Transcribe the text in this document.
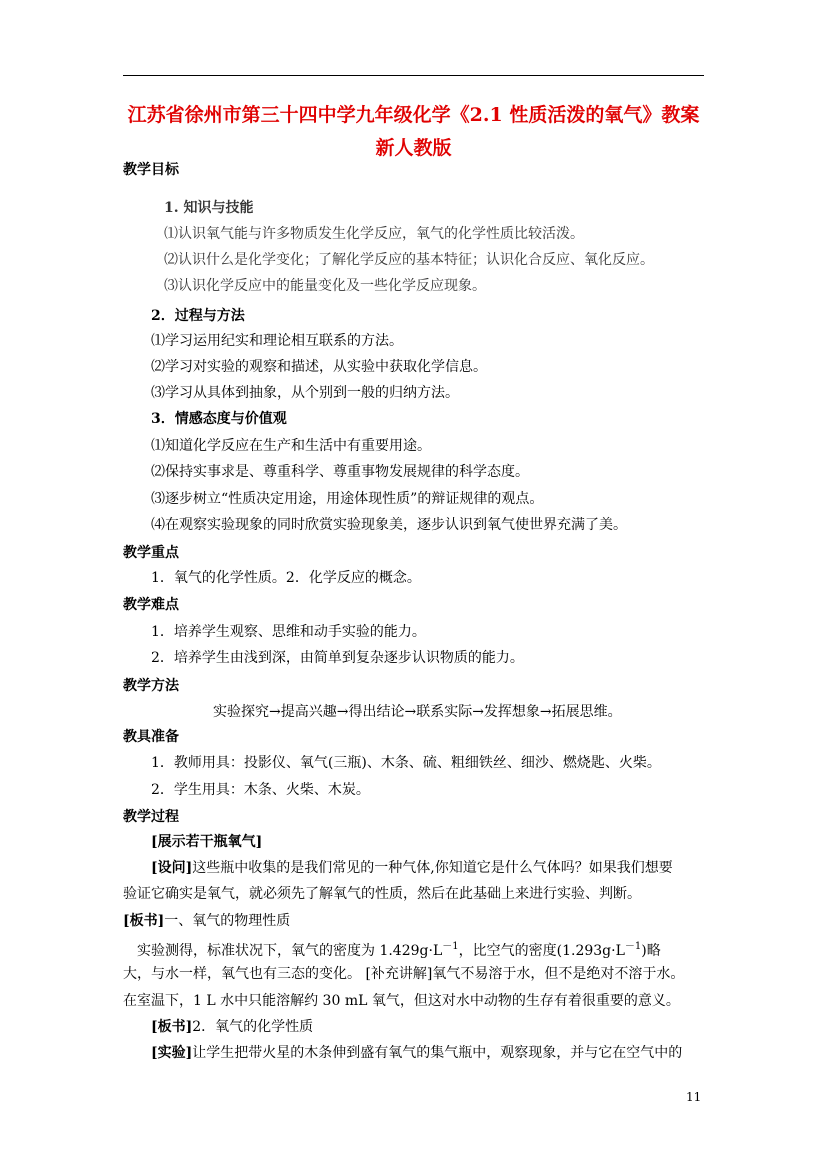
江苏省徐州市第三十四中学九年级化学《2.1 性质活泼的氧气》教案
新人教版
教学目标
1. 知识与技能
⑴认识氧气能与许多物质发生化学反应，氧气的化学性质比较活泼。
⑵认识什么是化学变化；了解化学反应的基本特征；认识化合反应、氧化反应。
⑶认识化学反应中的能量变化及一些化学反应现象。
2．过程与方法
⑴学习运用纪实和理论相互联系的方法。
⑵学习对实验的观察和描述，从实验中获取化学信息。
⑶学习从具体到抽象，从个别到一般的归纳方法。
3．情感态度与价值观
⑴知道化学反应在生产和生活中有重要用途。
⑵保持实事求是、尊重科学、尊重事物发展规律的科学态度。
⑶逐步树立“性质决定用途，用途体现性质”的辩证规律的观点。
⑷在观察实验现象的同时欣赏实验现象美，逐步认识到氧气使世界充满了美。
教学重点
1．氧气的化学性质。2．化学反应的概念。
教学难点
1．培养学生观察、思维和动手实验的能力。
2．培养学生由浅到深，由简单到复杂逐步认识物质的能力。
教学方法
实验探究→提高兴趣→得出结论→联系实际→发挥想象→拓展思维。
教具准备
1．教师用具：投影仪、氧气(三瓶)、木条、硫、粗细铁丝、细沙、燃烧匙、火柴。
2．学生用具：木条、火柴、木炭。
教学过程
[展示若干瓶氧气]
[设问]这些瓶中收集的是我们常见的一种气体,你知道它是什么气体吗？如果我们想要
验证它确实是氧气，就必须先了解氧气的性质，然后在此基础上来进行实验、判断。
[板书]一、氧气的物理性质
实验测得，标准状况下，氧气的密度为 $1.429g\cdot L^{-1}$，比空气的密度$(1.293g\cdot L^{-1})$略
大，与水一样，氧气也有三态的变化。 [补充讲解]氧气不易溶于水，但不是绝对不溶于水。
在室温下，1 L 水中只能溶解约 30 mL 氧气，但这对水中动物的生存有着很重要的意义。
[板书]2．氧气的化学性质
[实验]让学生把带火星的木条伸到盛有氧气的集气瓶中，观察现象，并与它在空气中的
11
